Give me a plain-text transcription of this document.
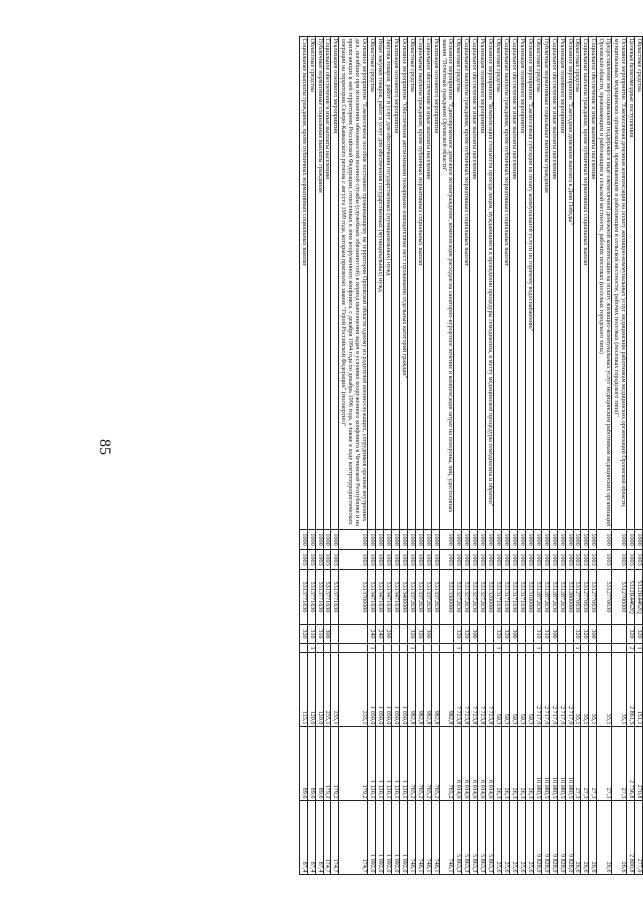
85
Областные средства	1000	1003	5312R4462Q	320	1	151,1	270,8	277,0
Целевые безвозмездные поступления	1000	1003	5312R4462Q	320	2	2 861,5	2 736,8	2 800,8
Основное мероприятие "Ежемесячная денежная компенсация на оплату жилищно-коммунальных услуг медицинским работникам медицинских организаций Орловской области, мунципальных медицинских организаций, проживающим и работающим в сельской местности, рабочих поселках (поселках городского типа)"	1000	1003	5312700000			35,1	27,3	26,6
Предоставление мер социальной поддержки в виде ежемесячной денежной компенсации на оплату жилищно-коммунальных услуг медицинским работникам медицинских организаций Орловской области, проживающим и работающим в сельской местности, рабочих поселках (поселках городского типа)	1000	1003	5312770630			35,1	27,3	26,6
Социальное обеспечение и иные выплаты населению	1000	1003	5312770630	300		35,1	27,3	26,6
Социальные выплаты гражданам, кроме публичных нормативных социальных выплат	1000	1003	5312770630	320		35,1	27,3	26,6
Областные средства	1000	1003	5312770630	320	1	35,1	27,3	26,6
Основное мероприятие "Ежегодная денежная выплата к Дню Победы"	1000	1003	5312800000			2 717,0	10 080,5	9 828,0
Реализация основного мероприятия	1000	1003	5312872630			2 717,0	10 080,5	9 828,0
Социальное обеспечение и иные выплаты населению	1000	1003	5312872630	300		2 717,0	10 080,5	9 828,0
Публичные нормативные социальные выплаты гражданам	1000	1003	5312872630	310		2 717,0	10 080,5	9 828,0
Областные средства	1000	1003	5312872630	310	1	2 717,0	10 080,5	9 828,0
Основное мероприятие "Ежемесячная субсидия на оплату коммунальной услуги по горячему водоснабжению"	1000	1003	5313100000			50,3	26,3	25,6
Реализация основного мероприятия	1000	1003	5313171630			50,3	26,3	25,6
Социальное обеспечение и иные выплаты населению	1000	1003	5313171630	300		50,3	26,3	25,6
Социальные выплаты гражданам, кроме публичных нормативных социальных выплат	1000	1003	5313171630	320		50,3	26,3	25,6
Областные средства	1000	1003	5313171630	320	1	50,3	26,3	25,6
Основное мероприятие "Компенсация стоимости проезда лицам, нуждающимся в проведении процедуры гемодиализа, к месту медицинской процедуры гемодиализа и обратно"	1000	1003	5313200000			7 723,8	6 014,0	5 863,3
Реализация основного мероприятия	1000	1003	5313272630			7 723,8	6 014,0	5 863,3
Социальное обеспечение и иные выплаты населению	1000	1003	5313272630	300		7 723,8	6 014,0	5 863,3
Социальные выплаты гражданам, кроме публичных нормативных социальных выплат	1000	1003	5313272630	320		7 723,8	6 014,0	5 863,3
Областные средства	1000	1003	5313272630	320	1	7 723,8	6 014,0	5 863,3
Основное мероприятие "Единовременное денежное вознаграждение, компенсация расходов на санаторно-курортное лечение и компенсация затрат на похороны, лиц, удостоенных звания "Почетный гражданин Орловской области"	1000	1003	5313300000			982,8	765,2	746,1
Реализация основного мероприятия	1000	1003	5313372630			982,8	765,2	746,1
Социальное обеспечение и иные выплаты населению	1000	1003	5313372630	300		982,8	765,2	746,1
Социальные выплаты гражданам, кроме публичных нормативных социальных выплат	1000	1003	5313372630	320		982,8	765,2	746,1
Областные средства	1000	1003	5313372630	320	1	982,8	765,2	746,1
Основное мероприятие "Обеспечение автономными пожарными извещателями мест проживания отдельных категорий граждан"	1000	1003	5313400000			1 050,0	1 120,1	1 092,0
Реализация основного мероприятия	1000	1003	5313471630			1 050,0	1 120,1	1 092,0
Закупка товаров, работ и услуг для обеспечения государственных (муниципальных) нужд	1000	1003	5313471630	200		1 050,0	1 120,1	1 092,0
Иные закупки товаров, работ и услуг для обеспечения государственных (муниципальных) нужд	1000	1003	5313471630	240		1 050,0	1 120,1	1 092,0
Областные средства	1000	1003	5313471630	240	1	1 050,0	1 120,1	1 092,0
Основное мероприятие "Ежемесячное пособие постоянно проживающему на территории Орловской области одному из родителей военнослужащих, сотрудников органов внутренних дел, погибших при исполнении обязанностей военной службы (служебных обязанностей) в период выполнения задач в условиях вооруженного конфликта в Чеченской Республике и на прилегающих к ней территориях Российской Федерации, отнесенных к зоне вооруженного конфликта, с декабря 1994 года по декабрь 1996 года, а также в ходе контртеррористических операций на территории Северо-Кавказского региона с августа 1999 года, которым присвоено звание "Герой Российской Федерации" (посмертно)"	1000	1003	5313700000			235,1	179,2	174,7
Реализация основного мероприятия	1000	1003	5313771630			235,1	179,2	174,7
Социальное обеспечение и иные выплаты населению	1000	1003	5313771630	300		235,1	179,2	174,7
Публичные нормативные социальные выплаты гражданам	1000	1003	5313771630	310		120,0	89,6	87,4
Областные средства	1000	1003	5313771630	310	1	120,0	89,6	87,4
Социальные выплаты гражданам, кроме публичных нормативных социальных выплат	1000	1003	5313771630	320		115,1	89,6	87,4
